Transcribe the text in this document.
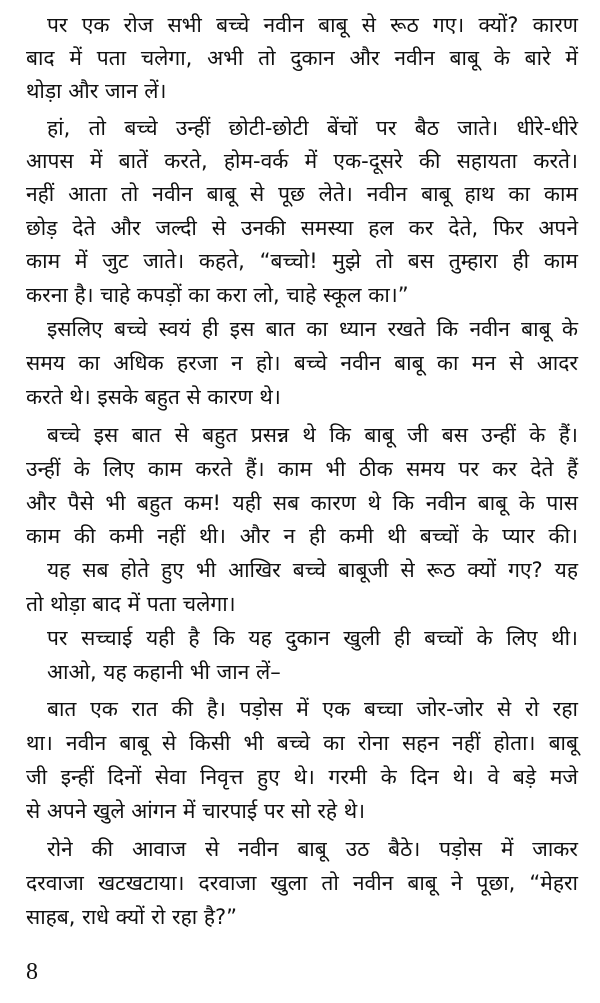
पर एक रोज सभी बच्चे नवीन बाबू से रूठ गए। क्यों? कारण
बाद में पता चलेगा, अभी तो दुकान और नवीन बाबू के बारे में
थोड़ा और जान लें।
हां, तो बच्चे उन्हीं छोटी-छोटी बेंचों पर बैठ जाते। धीरे-धीरे
आपस में बातें करते, होम-वर्क में एक-दूसरे की सहायता करते।
नहीं आता तो नवीन बाबू से पूछ लेते। नवीन बाबू हाथ का काम
छोड़ देते और जल्दी से उनकी समस्या हल कर देते, फिर अपने
काम में जुट जाते। कहते, “बच्चो! मुझे तो बस तुम्हारा ही काम
करना है। चाहे कपड़ों का करा लो, चाहे स्कूल का।”
इसलिए बच्चे स्वयं ही इस बात का ध्यान रखते कि नवीन बाबू के
समय का अधिक हरजा न हो। बच्चे नवीन बाबू का मन से आदर
करते थे। इसके बहुत से कारण थे।
बच्चे इस बात से बहुत प्रसन्न थे कि बाबू जी बस उन्हीं के हैं।
उन्हीं के लिए काम करते हैं। काम भी ठीक समय पर कर देते हैं
और पैसे भी बहुत कम! यही सब कारण थे कि नवीन बाबू के पास
काम की कमी नहीं थी। और न ही कमी थी बच्चों के प्यार की।
यह सब होते हुए भी आखिर बच्चे बाबूजी से रूठ क्यों गए? यह
तो थोड़ा बाद में पता चलेगा।
पर सच्चाई यही है कि यह दुकान खुली ही बच्चों के लिए थी।
आओ, यह कहानी भी जान लें–
बात एक रात की है। पड़ोस में एक बच्चा जोर-जोर से रो रहा
था। नवीन बाबू से किसी भी बच्चे का रोना सहन नहीं होता। बाबू
जी इन्हीं दिनों सेवा निवृत्त हुए थे। गरमी के दिन थे। वे बड़े मजे
से अपने खुले आंगन में चारपाई पर सो रहे थे।
रोने की आवाज से नवीन बाबू उठ बैठे। पड़ोस में जाकर
दरवाजा खटखटाया। दरवाजा खुला तो नवीन बाबू ने पूछा, “मेहरा
साहब, राधे क्यों रो रहा है?”
8
